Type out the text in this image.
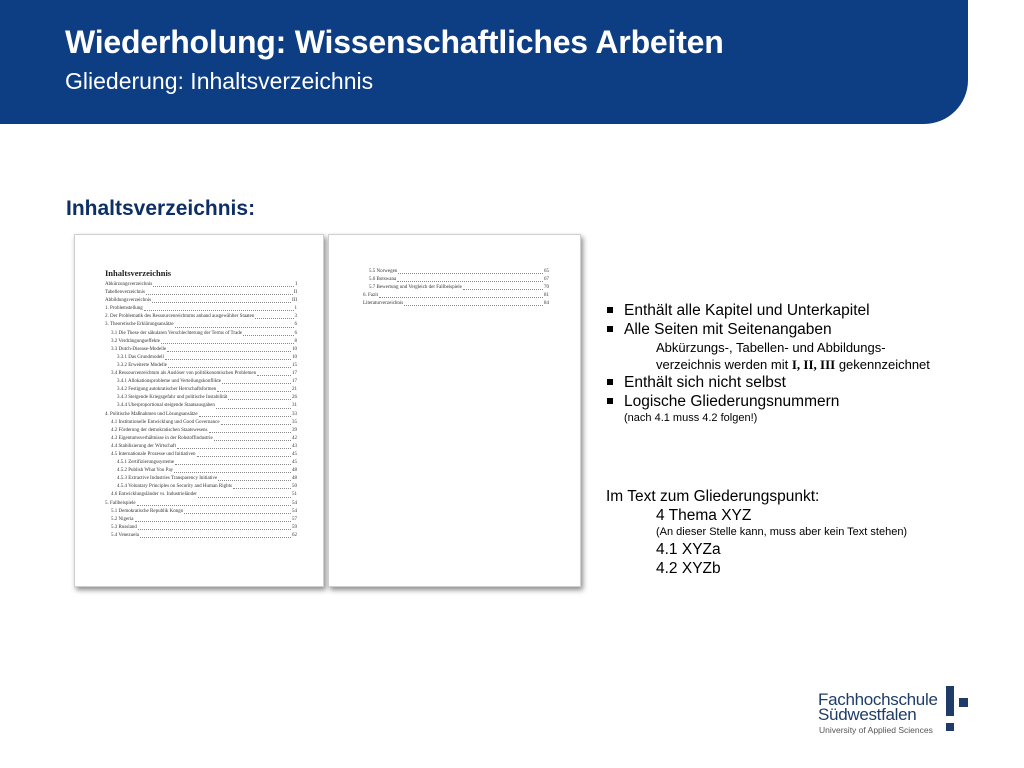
Wiederholung: Wissenschaftliches Arbeiten
Gliederung: Inhaltsverzeichnis
Inhaltsverzeichnis:
Inhaltsverzeichnis
Abkürzungsverzeichnis	I
Tabellenverzeichnis	II
Abbildungsverzeichnis	III
1. Problemstellung	1
2. Der Problematik des Ressourcenreichtums anhand ausgewählter Staaten	3
3. Theoretische Erklärungsansätze	6
3.1 Die These der säkularen Verschlechterung der Terms of Trade	6
3.2 Verdrängungseffekte	8
3.3 Dutch-Disease-Modelle	10
3.3.1 Das Grundmodell	10
3.3.2 Erweiterte Modelle	15
3.4 Ressourcenreichtum als Auslöser von politökonomischen Problemen	17
3.4.1 Allokationsprobleme und Verteilungskonflikte	17
3.4.2 Festigung autokratischer Herrschaftsformen	21
3.4.3 Steigende Kriegsgefahr und politische Instabilität	26
3.4.4 Überproportional steigende Staatsausgaben	31
4. Politische Maßnahmen und Lösungsansätze	33
4.1 Institutionelle Entwicklung und Good Governance	35
4.2 Förderung der demokratischen Staatswesens	39
4.3 Eigentumsverhältnisse in der Rohstoffindustrie	42
4.4 Stabilisierung der Wirtschaft	43
4.5 Internationale Prozesse und Initiativen	45
4.5.1 Zertifizierungssysteme	45
4.5.2 Publish What You Pay	48
4.5.3 Extractive Industries Transparency Initiative	48
4.5.4 Voluntary Principles on Security and Human Rights	50
4.6 Entwicklungsländer vs. Industrieländer	51
5. Fallbeispiele	54
5.1 Demokratische Republik Kongo	54
5.2 Nigeria	57
5.3 Russland	59
5.4 Venezuela	62
5.5 Norwegen	65
5.6 Botswana	67
5.7 Bewertung und Vergleich der Fallbeispiele	70
6. Fazit	81
Literaturverzeichnis	84	Enthält alle Kapitel und Unterkapitel
Alle Seiten mit Seitenangaben
Abkürzungs-, Tabellen- und Abbildungs-
verzeichnis werden mit I, II, III gekennzeichnet
Enthält sich nicht selbst
Logische Gliederungsnummern
(nach 4.1 muss 4.2 folgen!)
Im Text zum Gliederungspunkt:
4 Thema XYZ
(An dieser Stelle kann, muss aber kein Text stehen)
4.1 XYZa
4.2 XYZb
Fachhochschule
Südwestfalen
University of Applied Sciences
